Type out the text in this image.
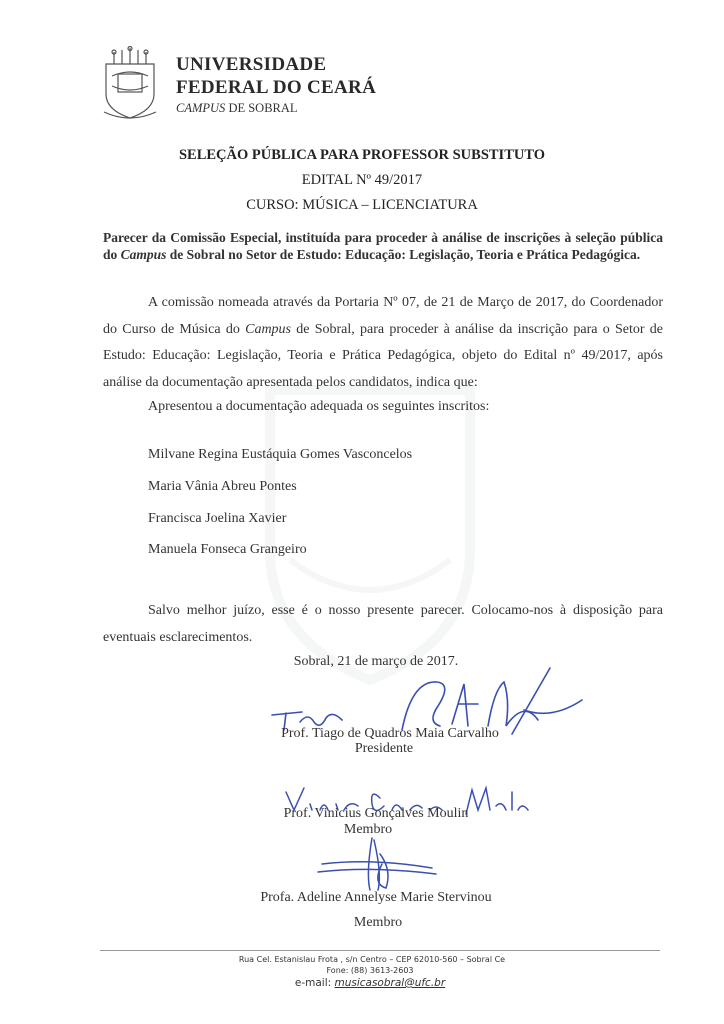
UNIVERSIDADE
FEDERAL DO CEARÁ
CAMPUS DE SOBRAL
SELEÇÃO PÚBLICA PARA PROFESSOR SUBSTITUTO
EDITAL Nº 49/2017
CURSO: MÚSICA – LICENCIATURA
Parecer da Comissão Especial, instituída para proceder à análise de inscrições à seleção pública do Campus de Sobral no Setor de Estudo: Educação: Legislação, Teoria e Prática Pedagógica.
A comissão nomeada através da Portaria Nº 07, de 21 de Março de 2017, do Coordenador do Curso de Música do Campus de Sobral, para proceder à análise da inscrição para o Setor de Estudo: Educação: Legislação, Teoria e Prática Pedagógica, objeto do Edital nº 49/2017, após análise da documentação apresentada pelos candidatos, indica que:
Apresentou a documentação adequada os seguintes inscritos:
Milvane Regina Eustáquia Gomes Vasconcelos
Maria Vânia Abreu Pontes
Francisca Joelina Xavier
Manuela Fonseca Grangeiro
Salvo melhor juízo, esse é o nosso presente parecer. Colocamo-nos à disposição para eventuais esclarecimentos.
Sobral, 21 de março de 2017.
Prof. Tiago de Quadros Maia Carvalho
Presidente
Prof. Vinicius Gonçalves Moulin
Membro
Profa. Adeline Annelyse Marie Stervinou
Membro
Rua Cel. Estanislau Frota , s/n Centro – CEP 62010-560 – Sobral Ce
Fone: (88) 3613-2603
e-mail: musicasobral@ufc.br
